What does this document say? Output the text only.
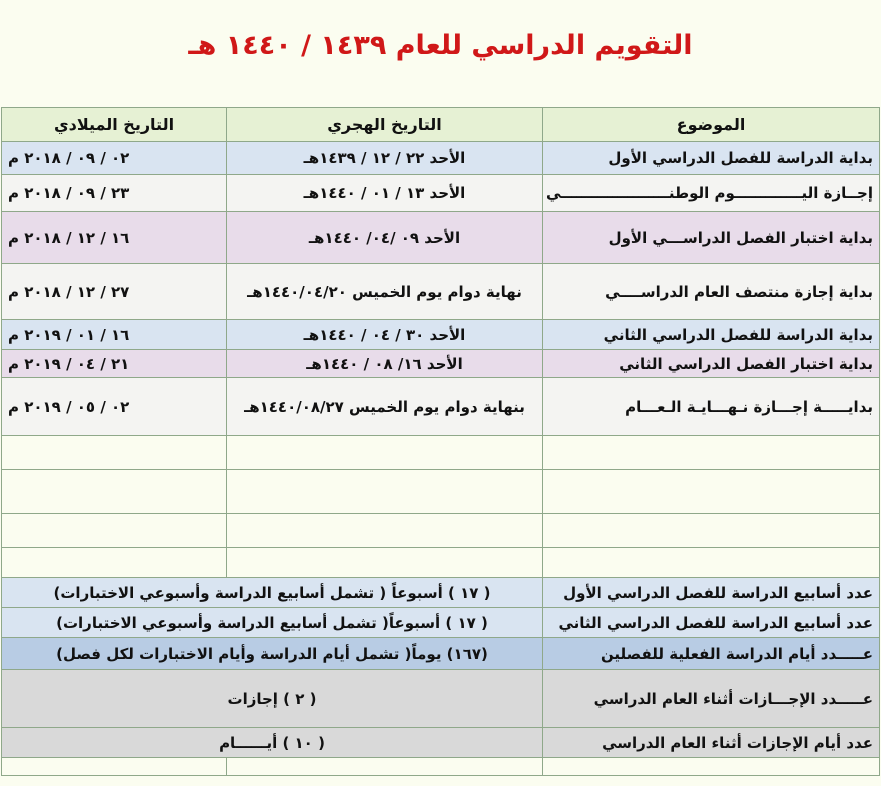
التقويم الدراسي للعام ١٤٣٩ / ١٤٤٠ هـ
الموضوع	التاريخ الهجري	التاريخ الميلادي
بداية الدراسة للفصل الدراسي الأول	الأحد ٢٢ / ١٢ / ١٤٣٩هـ	٠٢ / ٠٩ / ٢٠١٨ م
إجــازة اليـــــــــــــوم الوطنـــــــــــــــــــــي	الأحد ١٣ / ٠١ / ١٤٤٠هـ	٢٣ / ٠٩ / ٢٠١٨ م
بداية اختبار الفصل الدراســـي الأول	الأحد ٠٩ /٠٤/ ١٤٤٠هـ	١٦ / ١٢ / ٢٠١٨ م
بداية إجازة منتصف العام الدراســــي	نهاية دوام يوم الخميس ١٤٤٠/٠٤/٢٠هـ	٢٧ / ١٢ / ٢٠١٨ م
بداية الدراسة للفصل الدراسي الثاني	الأحد ٣٠ / ٠٤ / ١٤٤٠هـ	١٦ / ٠١ / ٢٠١٩ م
بداية اختبار الفصل الدراسي الثاني	الأحد ١٦/ ٠٨ / ١٤٤٠هـ	٢١ / ٠٤ / ٢٠١٩ م
بدايـــــة إجـــازة نـهـــايـة الـعـــام	بنهاية دوام يوم الخميس ١٤٤٠/٠٨/٢٧هـ	٠٢ / ٠٥ / ٢٠١٩ م

عدد أسابيع الدراسة للفصل الدراسي الأول	( ١٧ ) أسبوعاً ( تشمل أسابيع الدراسة وأسبوعي الاختبارات)	
عدد أسابيع الدراسة للفصل الدراسي الثاني	( ١٧ ) أسبوعاً( تشمل أسابيع الدراسة وأسبوعي الاختبارات)	
عـــــدد أيام الدراسة الفعلية للفصلين	(١٦٧) يوماً( تشمل أيام الدراسة وأيام الاختبارات لكل فصل)	
عـــــدد الإجـــازات أثناء العام الدراسي	( ٢ ) إجازات	
عدد أيام الإجازات أثناء العام الدراسي	( ١٠ ) أيــــــام	
